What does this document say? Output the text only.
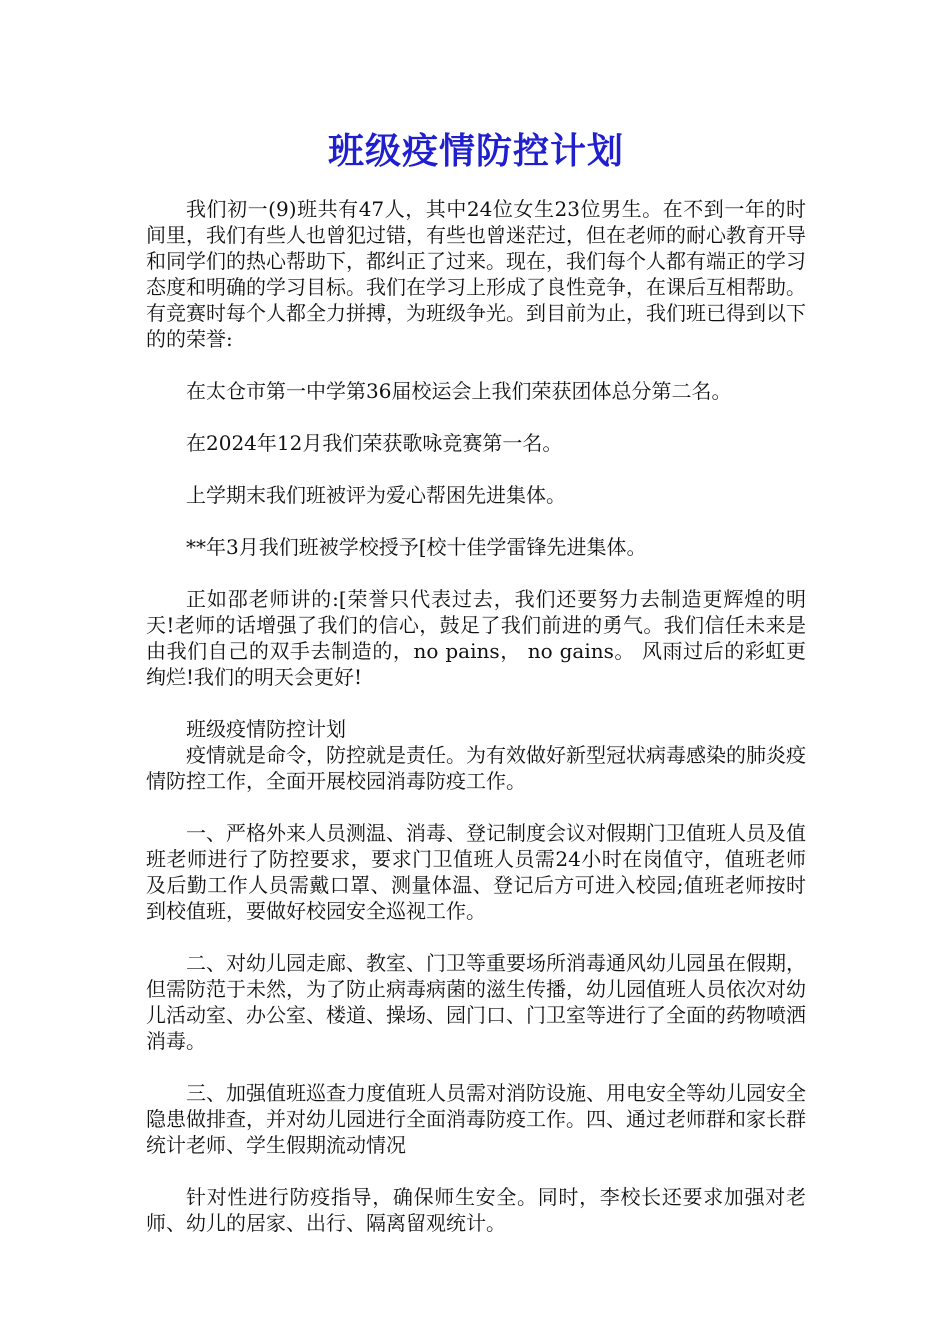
班级疫情防控计划

我们初一(9)班共有47人，其中24位女生23位男生。在不到一年的时间里，我们有些人也曾犯过错，有些也曾迷茫过，但在老师的耐心教育开导和同学们的热心帮助下，都纠正了过来。现在，我们每个人都有端正的学习态度和明确的学习目标。我们在学习上形成了良性竞争，在课后互相帮助。有竞赛时每个人都全力拼搏，为班级争光。到目前为止，我们班已得到以下的的荣誉:

在太仓市第一中学第36届校运会上我们荣获团体总分第二名。

在2024年12月我们荣获歌咏竞赛第一名。

上学期末我们班被评为爱心帮困先进集体。

**年3月我们班被学校授予[校十佳学雷锋先进集体。

正如邵老师讲的:[荣誉只代表过去，我们还要努力去制造更辉煌的明天!老师的话增强了我们的信心，鼓足了我们前进的勇气。我们信任未来是由我们自己的双手去制造的，no pains， no gains。 风雨过后的彩虹更绚烂!我们的明天会更好!

班级疫情防控计划

疫情就是命令，防控就是责任。为有效做好新型冠状病毒感染的肺炎疫情防控工作，全面开展校园消毒防疫工作。

一、严格外来人员测温、消毒、登记制度会议对假期门卫值班人员及值班老师进行了防控要求，要求门卫值班人员需24小时在岗值守，值班老师及后勤工作人员需戴口罩、测量体温、登记后方可进入校园;值班老师按时到校值班，要做好校园安全巡视工作。

二、对幼儿园走廊、教室、门卫等重要场所消毒通风幼儿园虽在假期，但需防范于未然，为了防止病毒病菌的滋生传播，幼儿园值班人员依次对幼儿活动室、办公室、楼道、操场、园门口、门卫室等进行了全面的药物喷洒消毒。

三、加强值班巡查力度值班人员需对消防设施、用电安全等幼儿园安全隐患做排查，并对幼儿园进行全面消毒防疫工作。四、通过老师群和家长群统计老师、学生假期流动情况

针对性进行防疫指导，确保师生安全。同时，李校长还要求加强对老师、幼儿的居家、出行、隔离留观统计。
